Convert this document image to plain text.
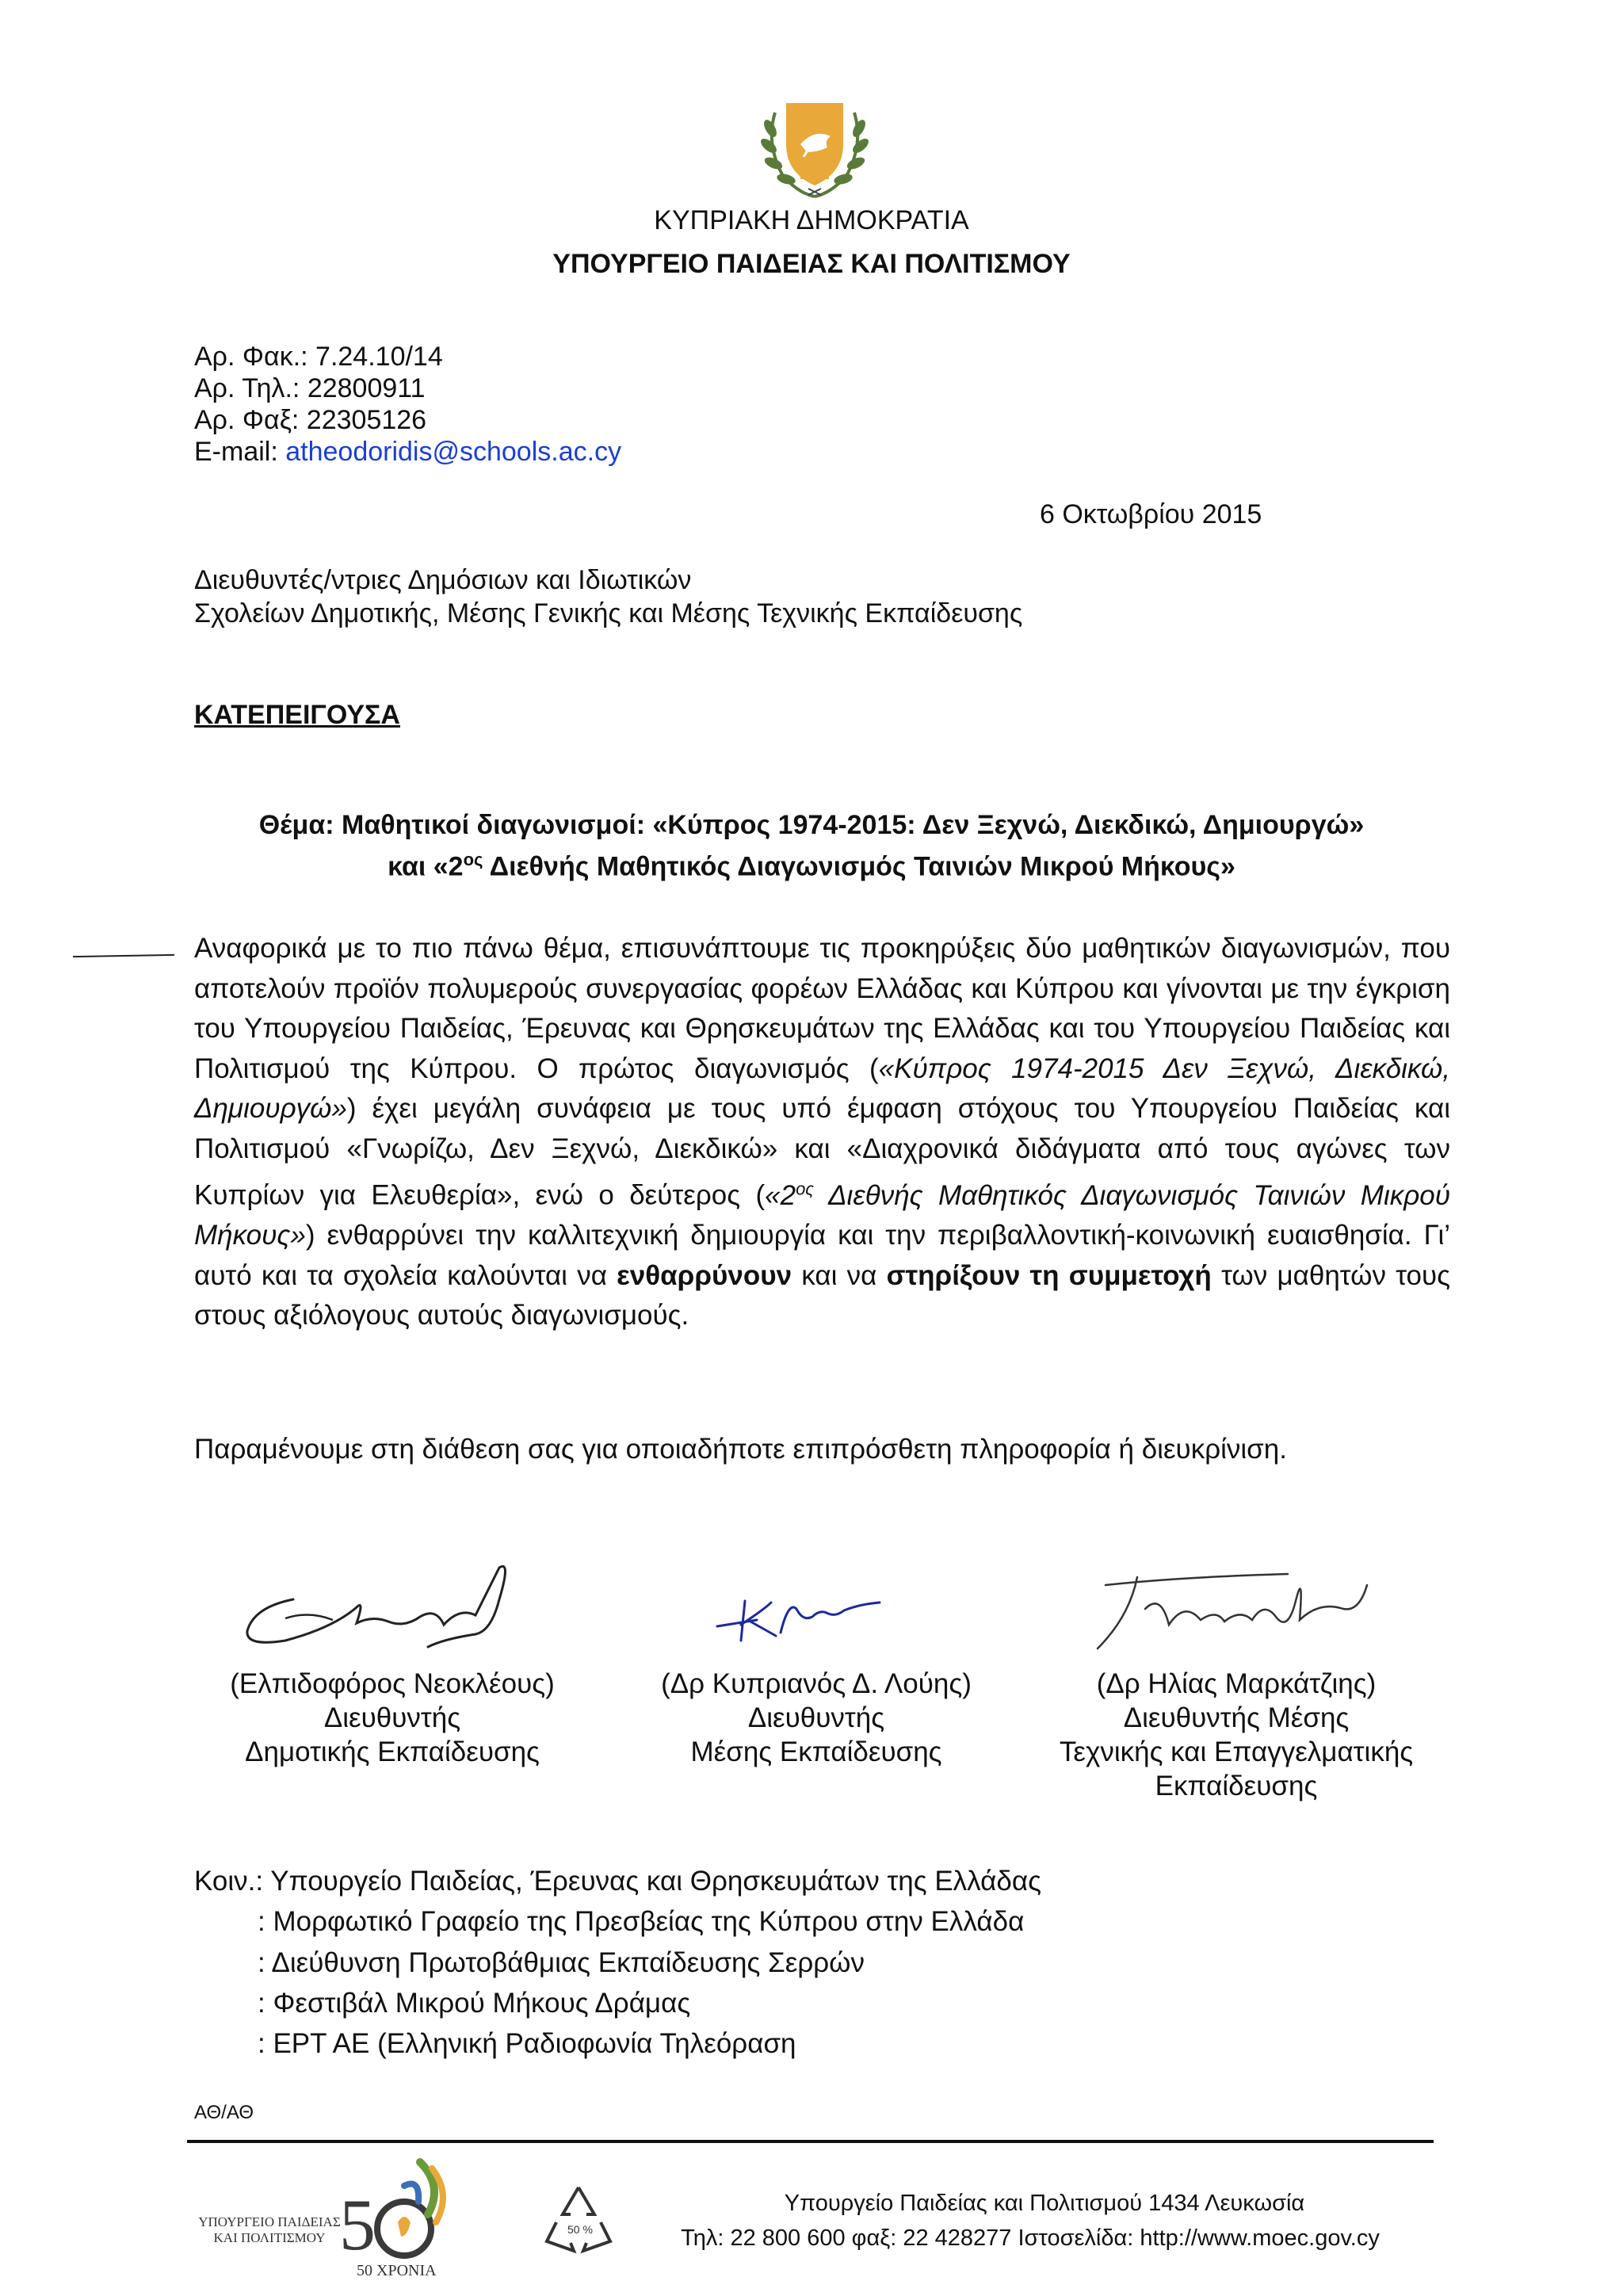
ΚΥΠΡΙΑΚΗ ΔΗΜΟΚΡΑΤΙΑ
ΥΠΟΥΡΓΕΙΟ ΠΑΙΔΕΙΑΣ ΚΑΙ ΠΟΛΙΤΙΣΜΟΥ
Αρ. Φακ.: 7.24.10/14
Αρ. Τηλ.: 22800911
Αρ. Φαξ: 22305126
E-mail: atheodoridis@schools.ac.cy
6 Οκτωβρίου 2015
Διευθυντές/ντριες Δημόσιων και Ιδιωτικών
Σχολείων Δημοτικής, Μέσης Γενικής και Μέσης Τεχνικής Εκπαίδευσης
ΚΑΤΕΠΕΙΓΟΥΣΑ
Θέμα: Μαθητικοί διαγωνισμοί: «Κύπρος 1974-2015: Δεν Ξεχνώ, Διεκδικώ, Δημιουργώ»
και «$2^{o\varsigma}$ Διεθνής Μαθητικός Διαγωνισμός Ταινιών Μικρού Μήκους»
Αναφορικά με το πιο πάνω θέμα, επισυνάπτουμε τις προκηρύξεις δύο μαθητικών διαγωνισμών, που αποτελούν προϊόν πολυμερούς συνεργασίας φορέων Ελλάδας και Κύπρου και γίνονται με την έγκριση του Υπουργείου Παιδείας, Έρευνας και Θρησκευμάτων της Ελλάδας και του Υπουργείου Παιδείας και Πολιτισμού της Κύπρου. Ο πρώτος διαγωνισμός («Κύπρος 1974-2015 Δεν Ξεχνώ, Διεκδικώ, Δημιουργώ») έχει μεγάλη συνάφεια με τους υπό έμφαση στόχους του Υπουργείου Παιδείας και Πολιτισμού «Γνωρίζω, Δεν Ξεχνώ, Διεκδικώ» και «Διαχρονικά διδάγματα από τους αγώνες των Κυπρίων για Ελευθερία», ενώ ο δεύτερος («$2^{o\varsigma}$ Διεθνής Μαθητικός Διαγωνισμός Ταινιών Μικρού Μήκους») ενθαρρύνει την καλλιτεχνική δημιουργία και την περιβαλλοντική-κοινωνική ευαισθησία. Γι’ αυτό και τα σχολεία καλούνται να ενθαρρύνουν και να στηρίξουν τη συμμετοχή των μαθητών τους στους αξιόλογους αυτούς διαγωνισμούς.
Παραμένουμε στη διάθεση σας για οποιαδήποτε επιπρόσθετη πληροφορία ή διευκρίνιση.
(Ελπιδοφόρος Νεοκλέους)
Διευθυντής
Δημοτικής Εκπαίδευσης
(Δρ Κυπριανός Δ. Λούης)
Διευθυντής
Μέσης Εκπαίδευσης
(Δρ Ηλίας Μαρκάτζιης)
Διευθυντής Μέσης
Τεχνικής και Επαγγελματικής
Εκπαίδευσης
Κοιν.: Υπουργείο Παιδείας, Έρευνας και Θρησκευμάτων της Ελλάδας
: Μορφωτικό Γραφείο της Πρεσβείας της Κύπρου στην Ελλάδα
: Διεύθυνση Πρωτοβάθμιας Εκπαίδευσης Σερρών
: Φεστιβάλ Μικρού Μήκους Δράμας
: ΕΡΤ ΑΕ (Ελληνική Ραδιοφωνία Τηλεόραση
ΑΘ/ΑΘ
ΥΠΟΥΡΓΕΙΟ ΠΑΙΔΕΙΑΣ
ΚΑΙ ΠΟΛΙΤΙΣΜΟΥ 5
50 ΧΡΟΝΙΑ
50 %
Υπουργείο Παιδείας και Πολιτισμού 1434 Λευκωσία
Τηλ: 22 800 600 φαξ: 22 428277 Ιστοσελίδα: http://www.moec.gov.cy
